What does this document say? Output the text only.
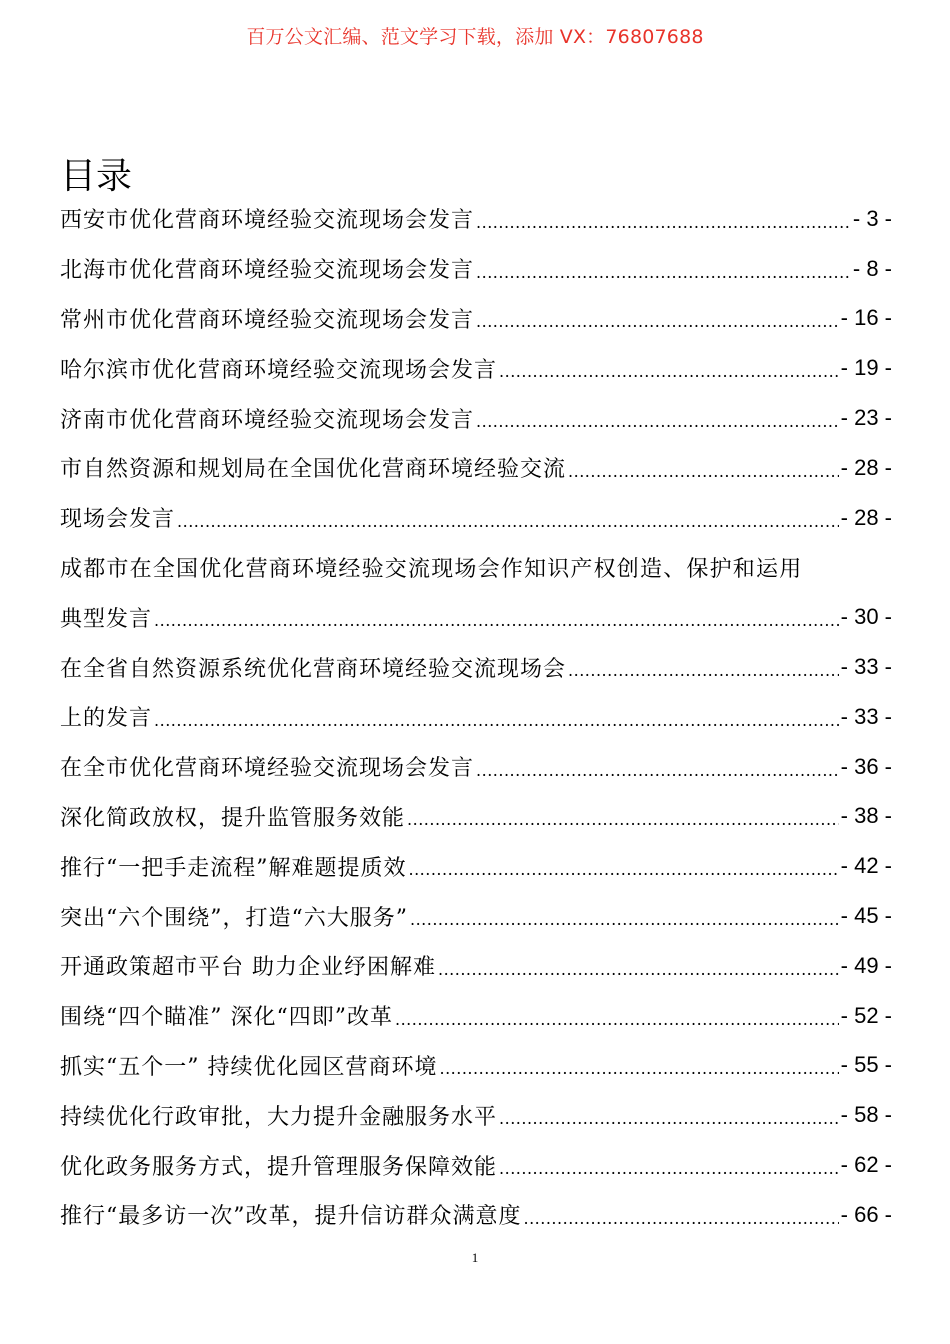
百万公文汇编、范文学习下载，添加 VX：76807688
目录
西安市优化营商环境经验交流现场会发言 .....	- 3 -
北海市优化营商环境经验交流现场会发言 .....	- 8 -
常州市优化营商环境经验交流现场会发言 .....	- 16 -
哈尔滨市优化营商环境经验交流现场会发言 .....	- 19 -
济南市优化营商环境经验交流现场会发言 .....	- 23 -
市自然资源和规划局在全国优化营商环境经验交流 .....	- 28 -
现场会发言 .....	- 28 -
成都市在全国优化营商环境经验交流现场会作知识产权创造、保护和运用
典型发言 .....	- 30 -
在全省自然资源系统优化营商环境经验交流现场会 .....	- 33 -
上的发言 .....	- 33 -
在全市优化营商环境经验交流现场会发言 .....	- 36 -
深化简政放权，提升监管服务效能 .....	- 38 -
推行“一把手走流程”解难题提质效 .....	- 42 -
突出“六个围绕”，打造“六大服务” .....	- 45 -
开通政策超市平台 助力企业纾困解难 .....	- 49 -
围绕“四个瞄准” 深化“四即”改革 .....	- 52 -
抓实“五个一” 持续优化园区营商环境 .....	- 55 -
持续优化行政审批，大力提升金融服务水平 .....	- 58 -
优化政务服务方式，提升管理服务保障效能 .....	- 62 -
推行“最多访一次”改革，提升信访群众满意度 .....	- 66 -
1
